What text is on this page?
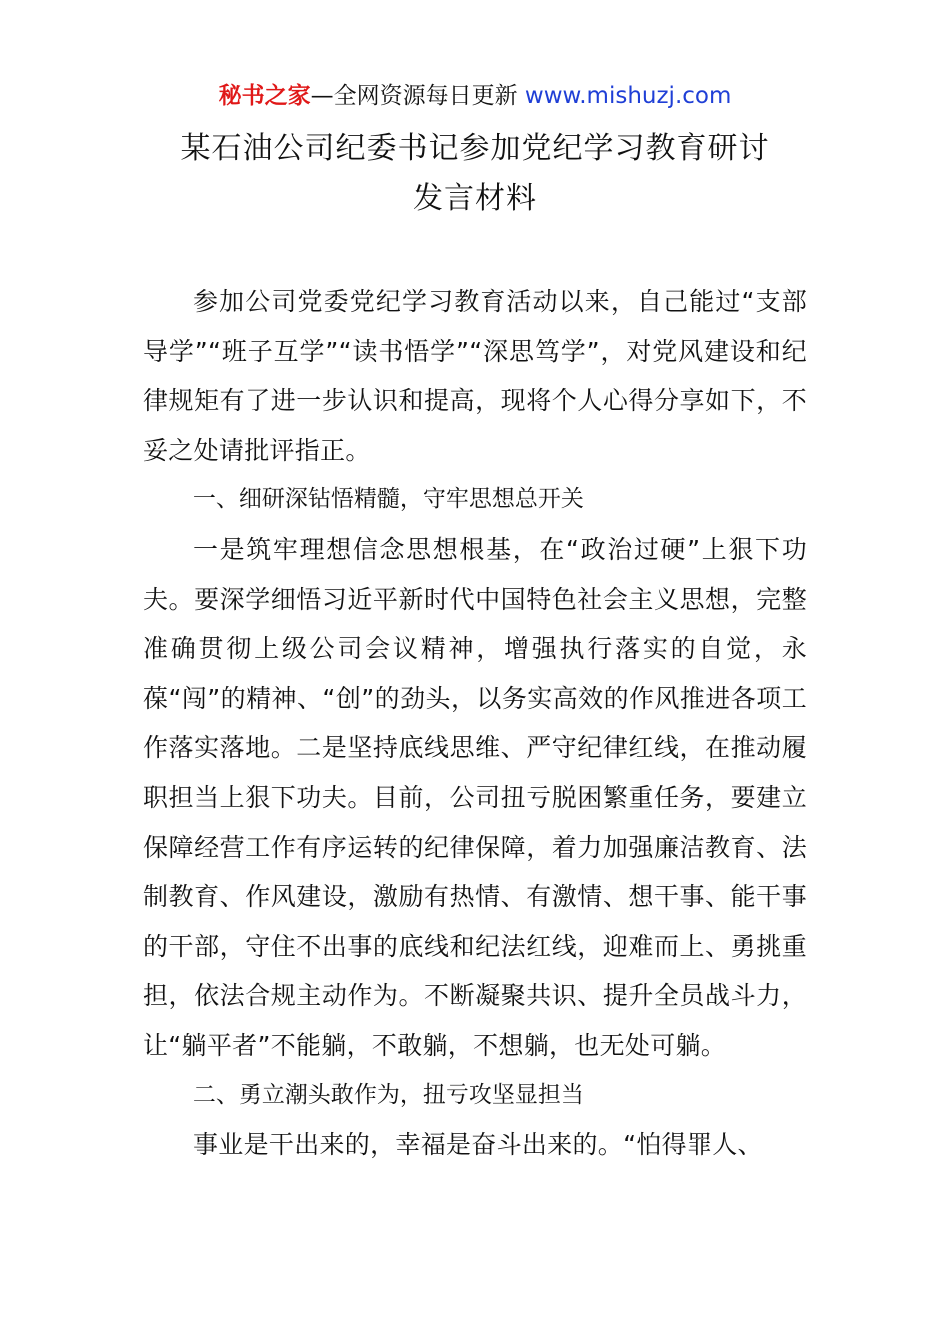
秘书之家—全网资源每日更新 www.mishuzj.com
某石油公司纪委书记参加党纪学习教育研讨
发言材料

参加公司党委党纪学习教育活动以来，自己能过“支部导学”“班子互学”“读书悟学”“深思笃学”，对党风建设和纪律规矩有了进一步认识和提高，现将个人心得分享如下，不妥之处请批评指正。

一、细研深钻悟精髓，守牢思想总开关

一是筑牢理想信念思想根基，在“政治过硬”上狠下功夫。要深学细悟习近平新时代中国特色社会主义思想，完整准确贯彻上级公司会议精神，增强执行落实的自觉，永葆“闯”的精神、“创”的劲头，以务实高效的作风推进各项工作落实落地。二是坚持底线思维、严守纪律红线，在推动履职担当上狠下功夫。目前，公司扭亏脱困繁重任务，要建立保障经营工作有序运转的纪律保障，着力加强廉洁教育、法制教育、作风建设，激励有热情、有激情、想干事、能干事的干部，守住不出事的底线和纪法红线，迎难而上、勇挑重担，依法合规主动作为。不断凝聚共识、提升全员战斗力，让“躺平者”不能躺，不敢躺，不想躺，也无处可躺。

二、勇立潮头敢作为，扭亏攻坚显担当

事业是干出来的，幸福是奋斗出来的。“怕得罪人、
